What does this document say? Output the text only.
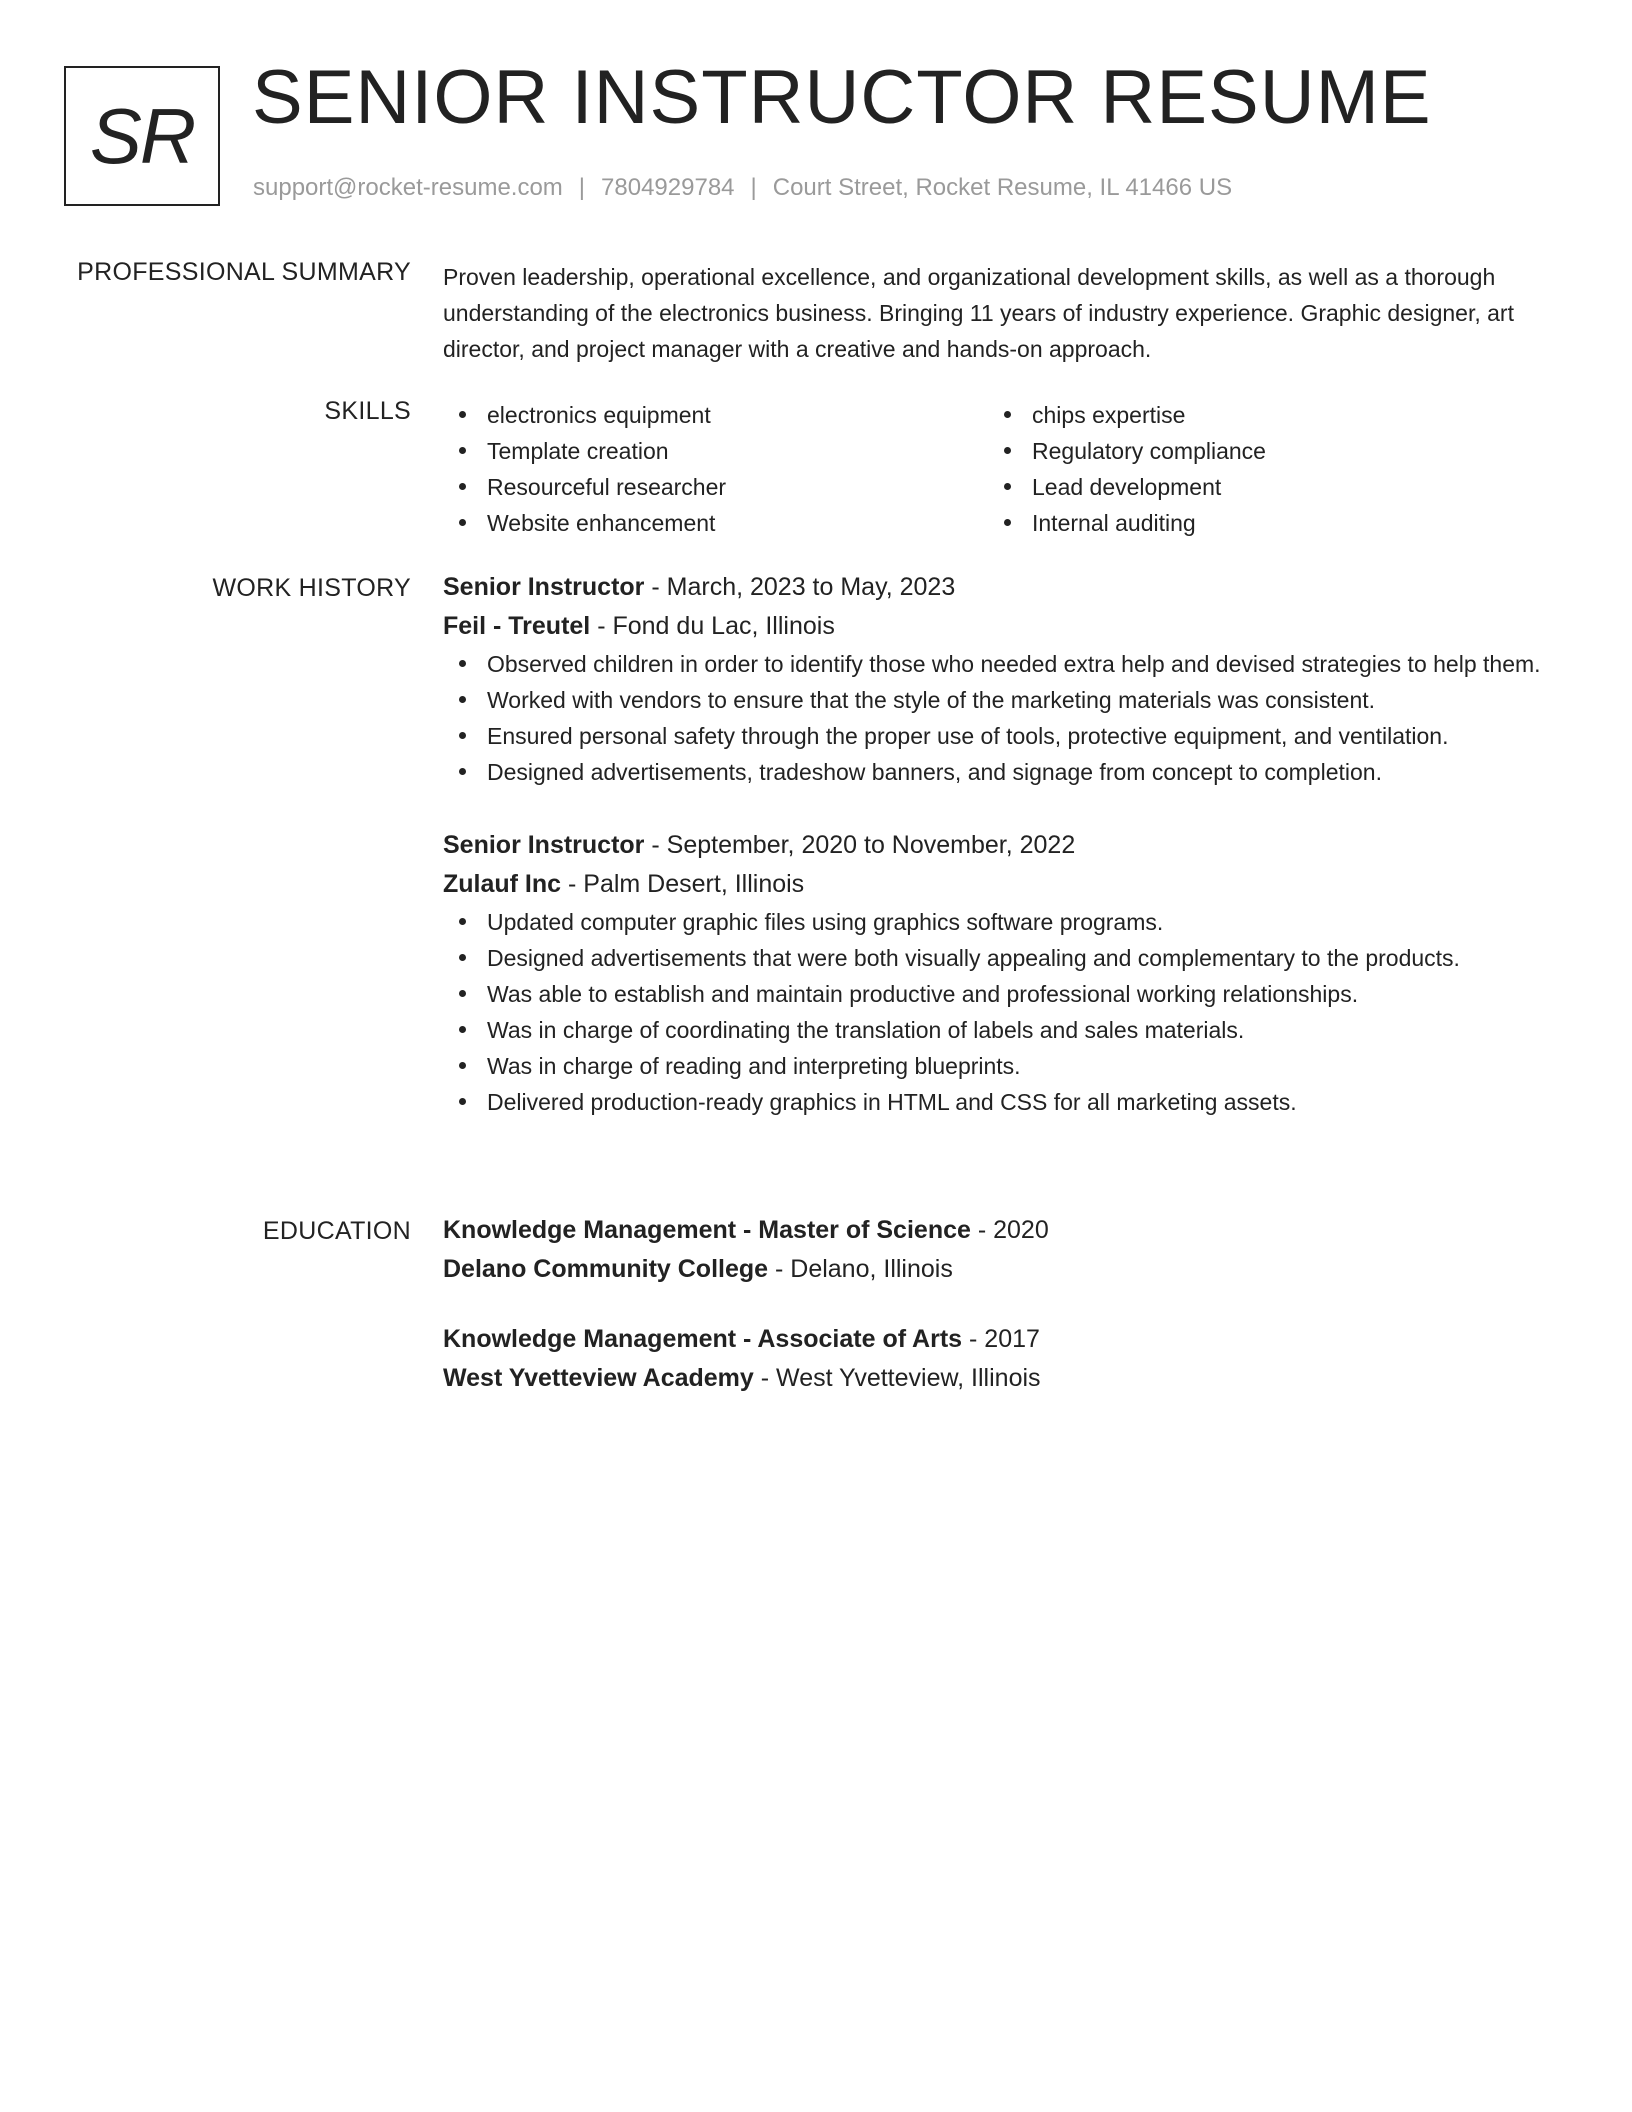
SR SENIOR INSTRUCTOR RESUME
support@rocket-resume.com | 7804929784 | Court Street, Rocket Resume, IL 41466 US
PROFESSIONAL SUMMARY Proven leadership, operational excellence, and organizational development skills, as well as a thorough understanding of the electronics business. Bringing 11 years of industry experience. Graphic designer, art director, and project manager with a creative and hands-on approach.

SKILLS	electronics equipment
Template creation
Resourceful researcher
Website enhancement
chips expertise
Regulatory compliance
Lead development
Internal auditing
WORK HISTORY Senior Instructor - March, 2023 to May, 2023
Feil - Treutel - Fond du Lac, Illinois
Observed children in order to identify those who needed extra help and devised strategies to help them.
Worked with vendors to ensure that the style of the marketing materials was consistent.
Ensured personal safety through the proper use of tools, protective equipment, and ventilation.
Designed advertisements, tradeshow banners, and signage from concept to completion.
Senior Instructor - September, 2020 to November, 2022
Zulauf Inc - Palm Desert, Illinois
Updated computer graphic files using graphics software programs.
Designed advertisements that were both visually appealing and complementary to the products.
Was able to establish and maintain productive and professional working relationships.
Was in charge of coordinating the translation of labels and sales materials.
Was in charge of reading and interpreting blueprints.
Delivered production-ready graphics in HTML and CSS for all marketing assets.
EDUCATION Knowledge Management - Master of Science - 2020
Delano Community College - Delano, Illinois
Knowledge Management - Associate of Arts - 2017
West Yvetteview Academy - West Yvetteview, Illinois
